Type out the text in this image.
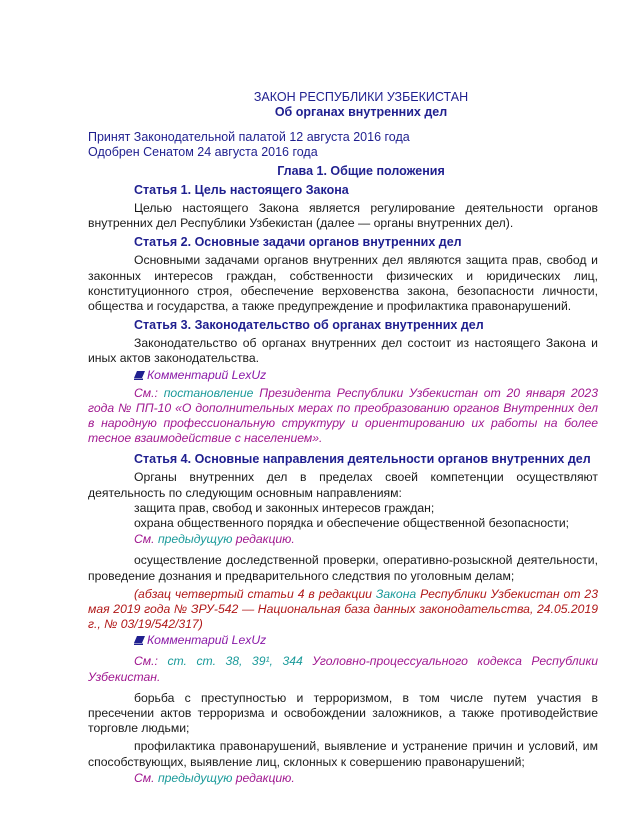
ЗАКОН РЕСПУБЛИКИ УЗБЕКИСТАН
Об органах внутренних дел
Принят Законодательной палатой 12 августа 2016 года
Одобрен Сенатом 24 августа 2016 года
Глава 1. Общие положения
Статья 1. Цель настоящего Закона
Целью настоящего Закона является регулирование деятельности органов внутренних дел Республики Узбекистан (далее — органы внутренних дел).
Статья 2. Основные задачи органов внутренних дел
Основными задачами органов внутренних дел являются защита прав, свобод и законных интересов граждан, собственности физических и юридических лиц, конституционного строя, обеспечение верховенства закона, безопасности личности, общества и государства, а также предупреждение и профилактика правонарушений.
Статья 3. Законодательство об органах внутренних дел
Законодательство об органах внутренних дел состоит из настоящего Закона и иных актов законодательства.
Комментарий LexUz
См.: постановление Президента Республики Узбекистан от 20 января 2023 года № ПП-10 «О дополнительных мерах по преобразованию органов Внутренних дел в народную профессиональную структуру и ориентированию их работы на более тесное взаимодействие с населением».
Статья 4. Основные направления деятельности органов внутренних дел
Органы внутренних дел в пределах своей компетенции осуществляют деятельность по следующим основным направлениям:
защита прав, свобод и законных интересов граждан;
охрана общественного порядка и обеспечение общественной безопасности;
См. предыдущую редакцию.
осуществление доследственной проверки, оперативно-розыскной деятельности, проведение дознания и предварительного следствия по уголовным делам;
(абзац четвертый статьи 4 в редакции Закона Республики Узбекистан от 23 мая 2019 года № ЗРУ-542 — Национальная база данных законодательства, 24.05.2019 г., № 03/19/542/317)
Комментарий LexUz
См.: ст. ст. 38, 39¹, 344 Уголовно-процессуального кодекса Республики Узбекистан.
борьба с преступностью и терроризмом, в том числе путем участия в пресечении актов терроризма и освобождении заложников, а также противодействие торговле людьми;
профилактика правонарушений, выявление и устранение причин и условий, им способствующих, выявление лиц, склонных к совершению правонарушений;
См. предыдущую редакцию.
